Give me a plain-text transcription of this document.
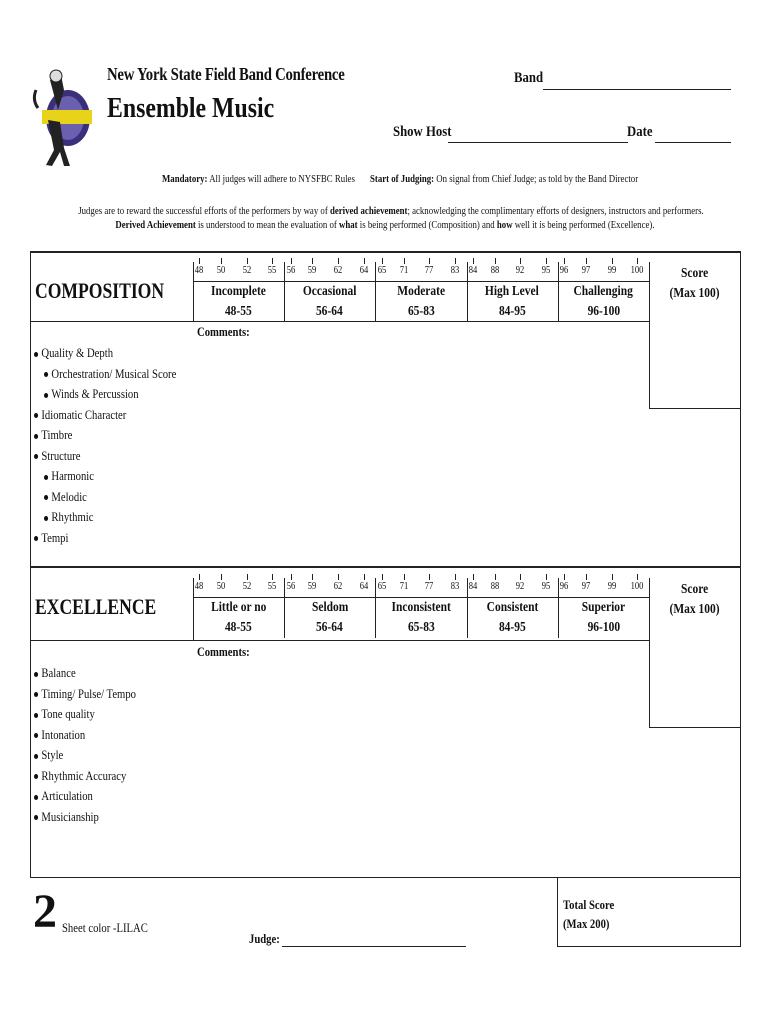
New York State Field Band Conference
Ensemble Music
Band
Show Host	Date
Mandatory: All judges will adhere to NYSFBC Rules Start of Judging: On signal from Chief Judge; as told by the Band Director
Judges are to reward the successful efforts of the performers by way of derived achievement; acknowledging the complimentary efforts of designers, instructors and performers.
Derived Achievement is understood to mean the evaluation of what is being performed (Composition) and how well it is being performed (Excellence).
COMPOSITION
48 50 52 55 56 59 62 64 65 71 77 83 84 88 92 95 96 97 99 100
Incomplete
48-55
Occasional
56-64
Moderate
65-83
High Level
84-95
Challenging
96-100
Score
(Max 100)
Comments:
Quality & Depth
Orchestration/ Musical Score
Winds & Percussion
Idiomatic Character
Timbre
Structure
Harmonic
Melodic
Rhythmic
Tempi
EXCELLENCE
48 50 52 55 56 59 62 64 65 71 77 83 84 88 92 95 96 97 99 100
Little or no
48-55
Seldom
56-64
Inconsistent
65-83
Consistent
84-95
Superior
96-100
Score
(Max 100)
Comments:
Balance
Timing/ Pulse/ Tempo
Tone quality
Intonation
Style
Rhythmic Accuracy
Articulation
Musicianship
2 Sheet color -LILAC
Judge:
Total Score
(Max 200)
